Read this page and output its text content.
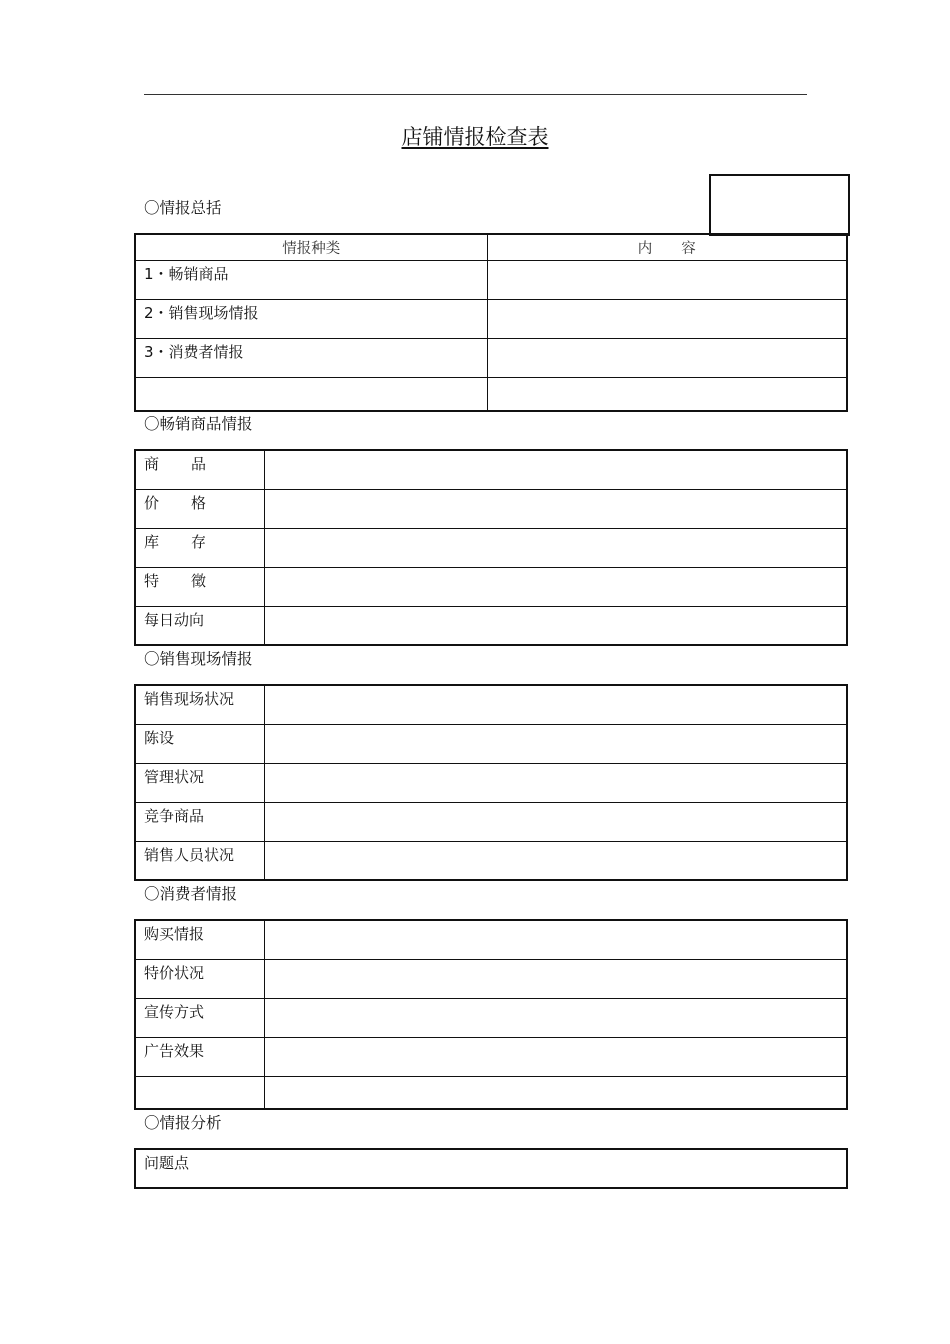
店铺情报检查表
〇情报总括
情报种类	内　　容
1・畅销商品	
2・销售现场情报	
3・消费者情报	

〇畅销商品情报
商 品	

价 格	

库 存	

特 徵	

每日动向	
〇销售现场情报
销售现场状况	
陈设	
管理状况	
竞争商品	
销售人员状况	
〇消费者情报
购买情报	
特价状况	
宣传方式	
广告效果	

〇情报分析
问题点
